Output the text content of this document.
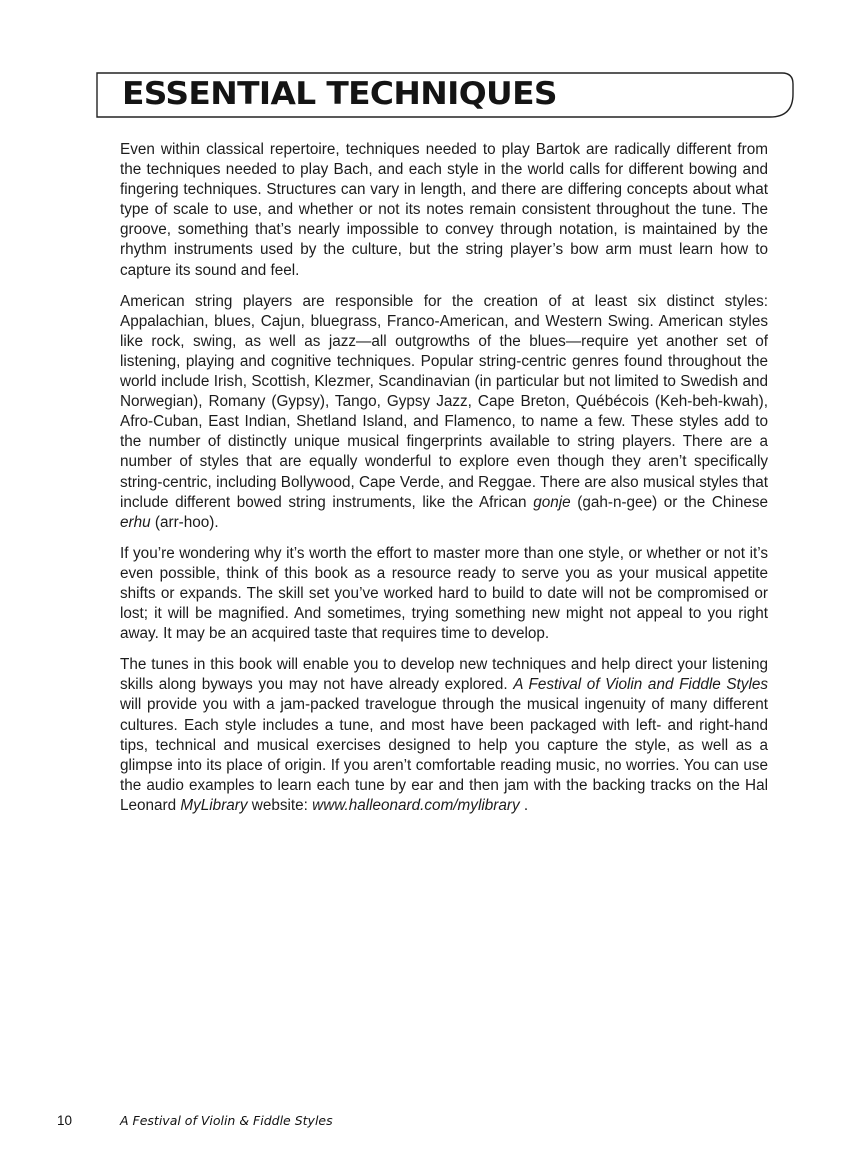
ESSENTIAL TECHNIQUES

Even within classical repertoire, techniques needed to play Bartok are radically different from the techniques needed to play Bach, and each style in the world calls for different bowing and fingering techniques. Structures can vary in length, and there are differing concepts about what type of scale to use, and whether or not its notes remain consistent throughout the tune. The groove, something that’s nearly impossible to convey through notation, is maintained by the rhythm instruments used by the culture, but the string player’s bow arm must learn how to capture its sound and feel.

American string players are responsible for the creation of at least six distinct styles: Appalachian, blues, Cajun, bluegrass, Franco-American, and Western Swing. American styles like rock, swing, as well as jazz—all outgrowths of the blues—require yet another set of listening, playing and cognitive techniques. Popular string-centric genres found throughout the world include Irish, Scottish, Klezmer, Scandinavian (in particular but not limited to Swedish and Norwegian), Romany (Gypsy), Tango, Gypsy Jazz, Cape Breton, Québécois (Keh-beh-kwah), Afro-Cuban, East Indian, Shetland Island, and Flamenco, to name a few. These styles add to the number of distinctly unique musical fingerprints available to string players. There are a number of styles that are equally wonderful to explore even though they aren’t specifically string-centric, including Bollywood, Cape Verde, and Reggae. There are also musical styles that include different bowed string instruments, like the African gonje (gah-n-gee) or the Chinese erhu (arr-hoo).

If you’re wondering why it’s worth the effort to master more than one style, or whether or not it’s even possible, think of this book as a resource ready to serve you as your musical appetite shifts or expands. The skill set you’ve worked hard to build to date will not be compromised or lost; it will be magnified. And sometimes, trying something new might not appeal to you right away. It may be an acquired taste that requires time to develop.

The tunes in this book will enable you to develop new techniques and help direct your listening skills along byways you may not have already explored. A Festival of Violin and Fiddle Styles will provide you with a jam-packed travelogue through the musical ingenuity of many different cultures. Each style includes a tune, and most have been packaged with left- and right-hand tips, technical and musical exercises designed to help you capture the style, as well as a glimpse into its place of origin. If you aren’t comfortable reading music, no worries. You can use the audio examples to learn each tune by ear and then jam with the backing tracks on the Hal Leonard MyLibrary website: www.halleonard.com/mylibrary .

10	A Festival of Violin & Fiddle Styles
